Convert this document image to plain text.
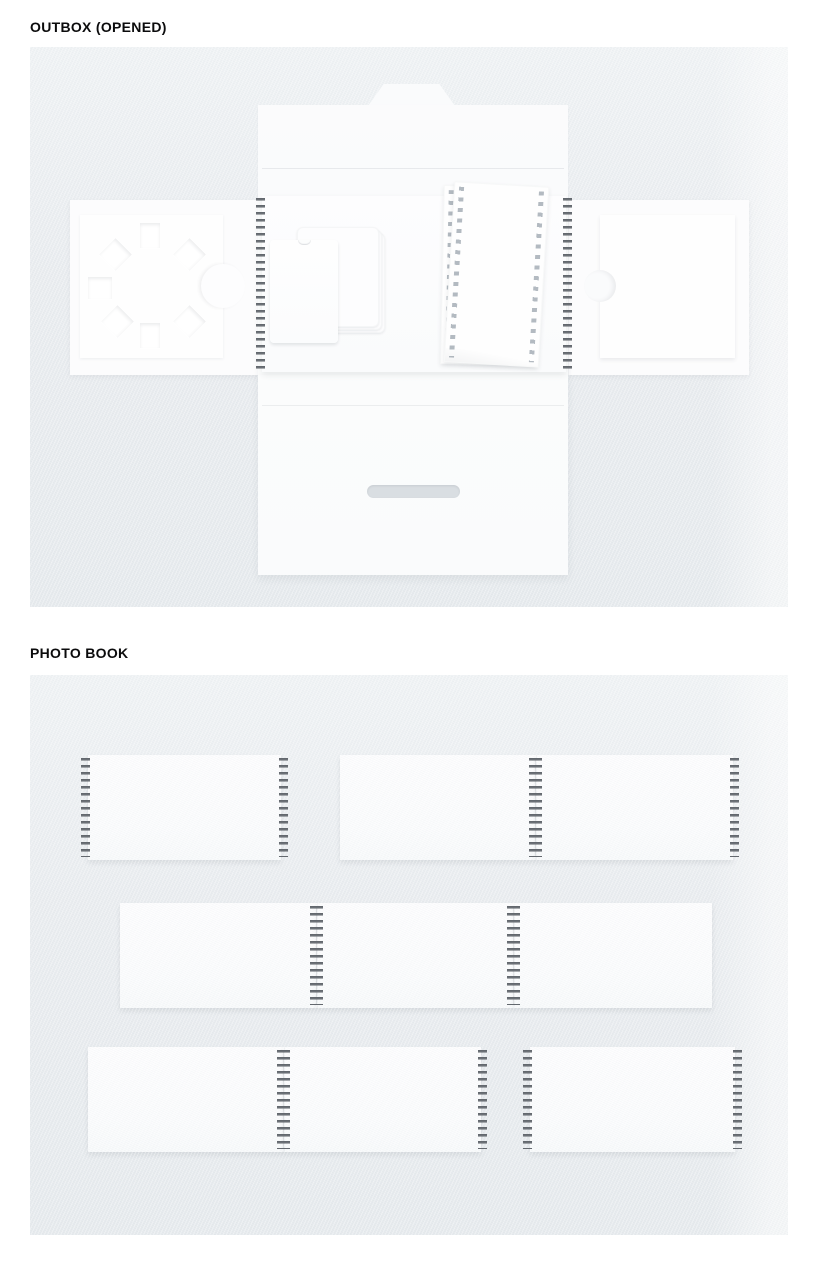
OUTBOX (OPENED)
PHOTO BOOK
